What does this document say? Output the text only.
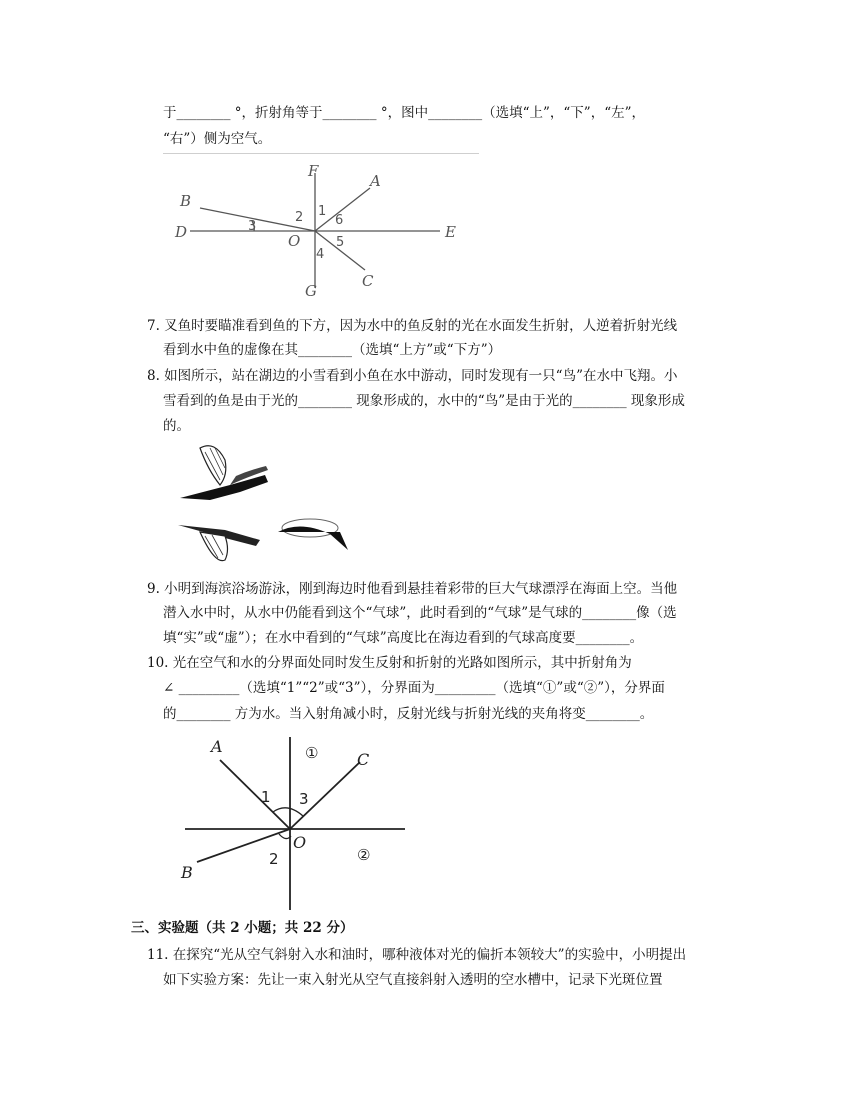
于________ °，折射角等于________ °，图中________（选填“上”，“下”，“左”，
“右”）侧为空气。
F
A
B
D	E
O
C
G
1
2
3
4
5
6
7. 叉鱼时要瞄准看到鱼的下方，因为水中的鱼反射的光在水面发生折射，人逆着折射光线
看到水中鱼的虚像在其________（选填“上方”或“下方”）
8. 如图所示，站在湖边的小雪看到小鱼在水中游动，同时发现有一只“鸟”在水中飞翔。小
雪看到的鱼是由于光的________ 现象形成的，水中的“鸟”是由于光的________ 现象形成
的。
9. 小明到海滨浴场游泳，刚到海边时他看到悬挂着彩带的巨大气球漂浮在海面上空。当他
潜入水中时，从水中仍能看到这个“气球”，此时看到的“气球”是气球的________像（选
填“实”或“虚”）；在水中看到的“气球”高度比在海边看到的气球高度要________。
10. 光在空气和水的分界面处同时发生反射和折射的光路如图所示，其中折射角为
∠ _________（选填“1”“2”或“3”），分界面为_________（选填“①”或“②”），分界面
的________ 方为水。当入射角减小时，反射光线与折射光线的夹角将变________。
A
C
B
O
1
2
3
①
②
三、实验题（共 2 小题；共 22 分）
11. 在探究“光从空气斜射入水和油时，哪种液体对光的偏折本领较大”的实验中，小明提出
如下实验方案：先让一束入射光从空气直接斜射入透明的空水槽中，记录下光斑位置
